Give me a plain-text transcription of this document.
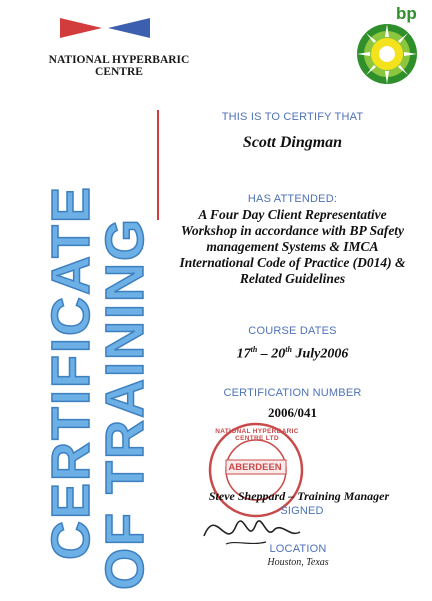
NATIONAL HYPERBARIC
CENTRE
bp
CERTIFICATE
OF TRAINING
THIS IS TO CERTIFY THAT
Scott Dingman
HAS ATTENDED:
A Four Day Client Representative
Workshop in accordance with BP Safety
management Systems & IMCA
International Code of Practice (D014) &
Related Guidelines
COURSE DATES
17th – 20th July2006
CERTIFICATION NUMBER
2006/041
NATIONAL HYPERBARIC CENTRE LTD
ABERDEEN
Steve Sheppard – Training Manager
SIGNED
LOCATION
Houston, Texas
